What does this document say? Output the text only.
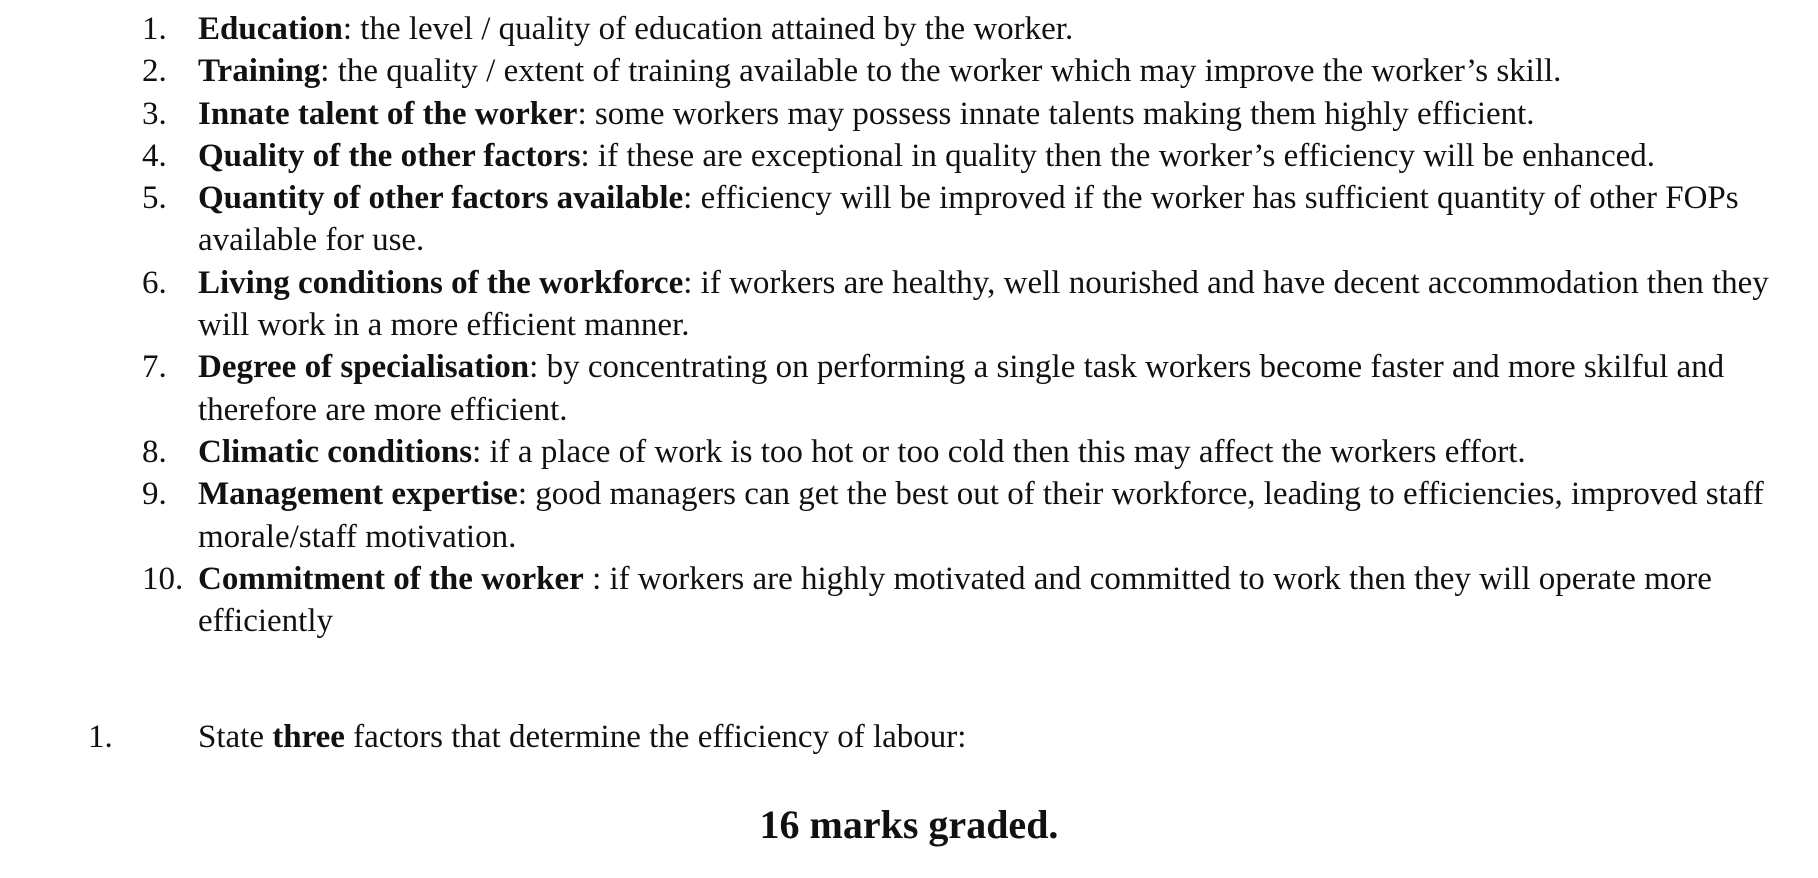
1. Education: the level / quality of education attained by the worker.
2. Training: the quality / extent of training available to the worker which may improve the worker’s skill.
3. Innate talent of the worker: some workers may possess innate talents making them highly efficient.
4. Quality of the other factors: if these are exceptional in quality then the worker’s efficiency will be enhanced.
5. Quantity of other factors available: efficiency will be improved if the worker has sufficient quantity of other FOPs available for use.
6. Living conditions of the workforce: if workers are healthy, well nourished and have decent accommodation then they will work in a more efficient manner.
7. Degree of specialisation: by concentrating on performing a single task workers become faster and more skilful and therefore are more efficient.
8. Climatic conditions: if a place of work is too hot or too cold then this may affect the workers effort.
9. Management expertise: good managers can get the best out of their workforce, leading to efficiencies, improved staff morale/staff motivation.
10. Commitment of the worker : if workers are highly motivated and committed to work then they will operate more efficiently
1.	State three factors that determine the efficiency of labour:
16 marks graded.
